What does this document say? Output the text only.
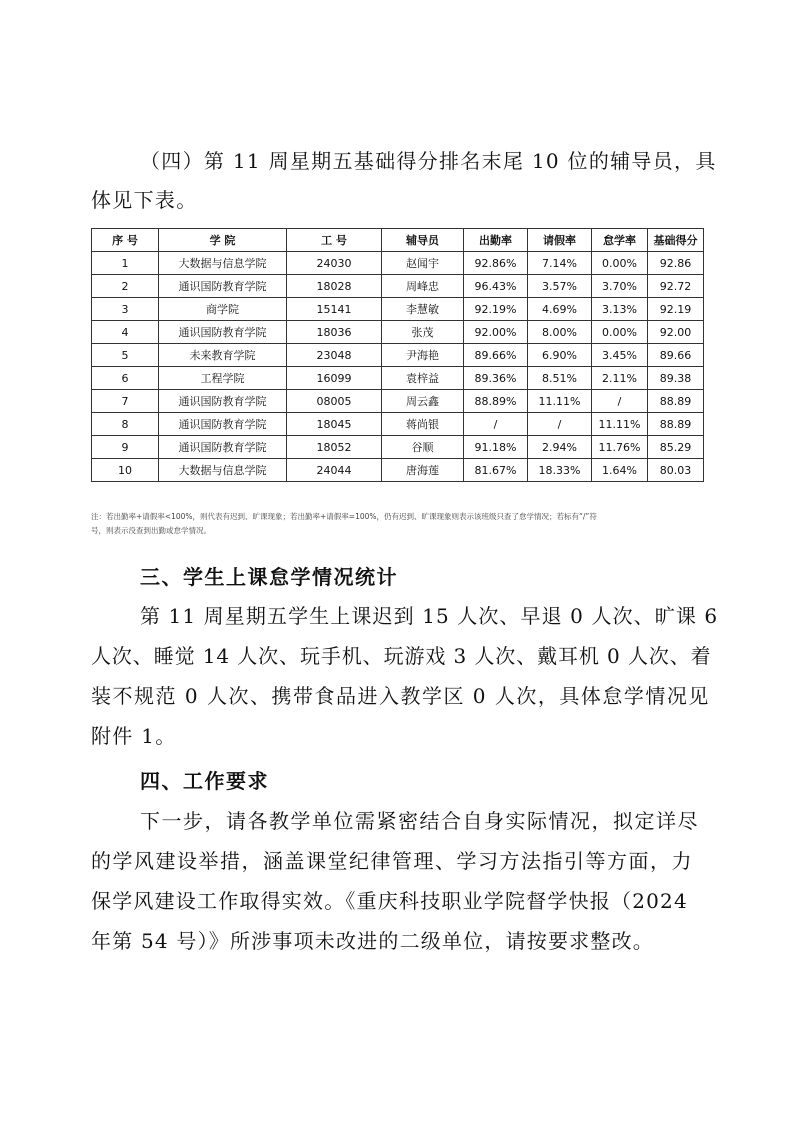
（四）第 11 周星期五基础得分排名末尾 10 位的辅导员，具
体见下表。
序 号	学 院	工 号	辅导员	出勤率	请假率	怠学率	基础得分
1	大数据与信息学院	24030	赵闻宇	92.86%	7.14%	0.00%	92.86
2	通识国防教育学院	18028	周峰忠	96.43%	3.57%	3.70%	92.72
3	商学院	15141	李慧敏	92.19%	4.69%	3.13%	92.19
4	通识国防教育学院	18036	张茂	92.00%	8.00%	0.00%	92.00
5	未来教育学院	23048	尹海艳	89.66%	6.90%	3.45%	89.66
6	工程学院	16099	袁梓益	89.36%	8.51%	2.11%	89.38
7	通识国防教育学院	08005	周云鑫	88.89%	11.11%	/	88.89
8	通识国防教育学院	18045	蒋尚银	/	/	11.11%	88.89
9	通识国防教育学院	18052	谷顺	91.18%	2.94%	11.76%	85.29
10	大数据与信息学院	24044	唐海莲	81.67%	18.33%	1.64%	80.03
注：若出勤率+请假率<100%，则代表有迟到、旷课现象；若出勤率+请假率=100%，仍有迟到、旷课现象则表示该班级只查了怠学情况；若标有“/”符
号，则表示没查到出勤或怠学情况。
三、学生上课怠学情况统计
第 11 周星期五学生上课迟到 15 人次、早退 0 人次、旷课 6
人次、睡觉 14 人次、玩手机、玩游戏 3 人次、戴耳机 0 人次、着
装不规范 0 人次、携带食品进入教学区 0 人次，具体怠学情况见
附件 1。
四、工作要求
下一步，请各教学单位需紧密结合自身实际情况，拟定详尽
的学风建设举措，涵盖课堂纪律管理、学习方法指引等方面，力
保学风建设工作取得实效。《重庆科技职业学院督学快报（2024
年第 54 号）》所涉事项未改进的二级单位，请按要求整改。
